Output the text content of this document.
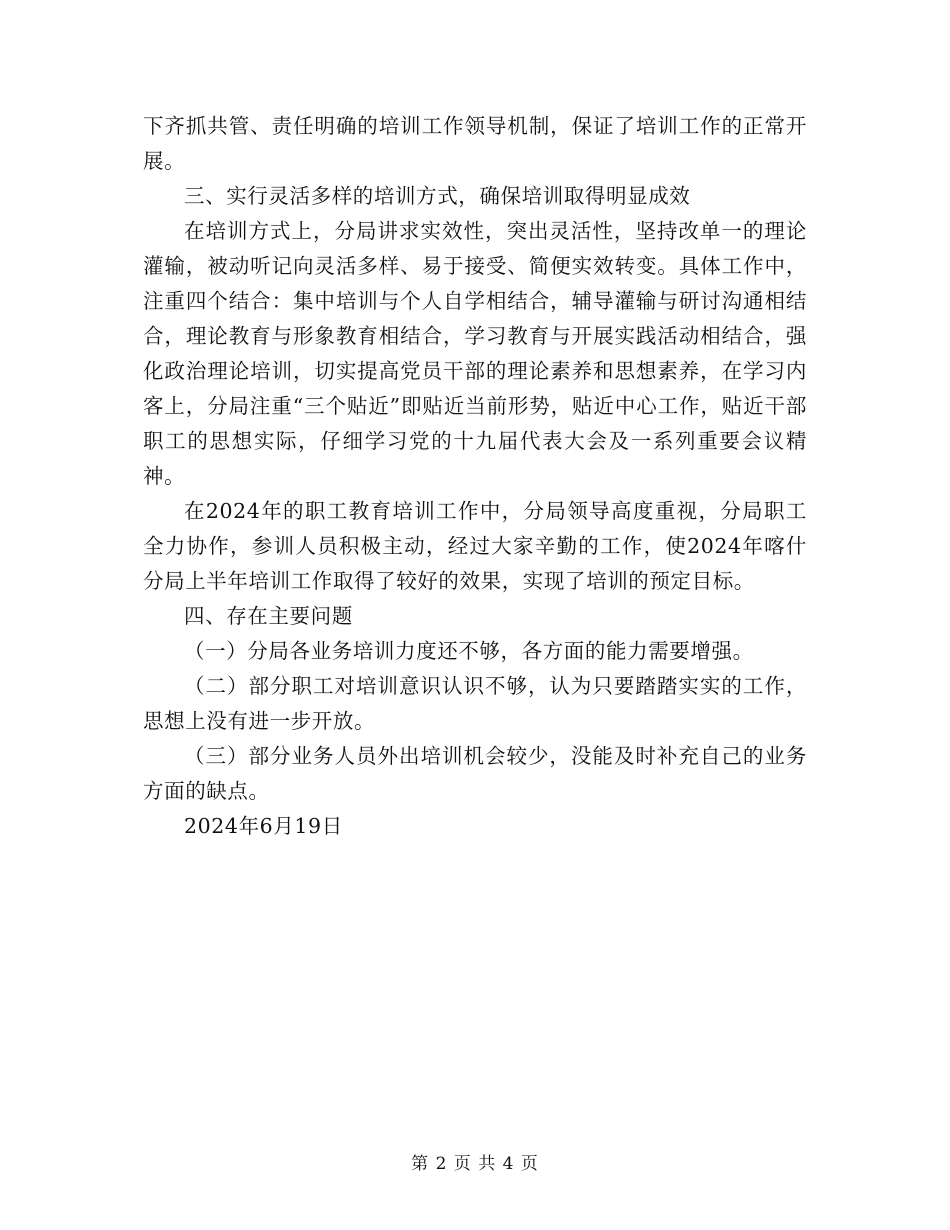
下齐抓共管、责任明确的培训工作领导机制，保证了培训工作的正常开展。

三、实行灵活多样的培训方式，确保培训取得明显成效

在培训方式上，分局讲求实效性，突出灵活性，坚持改单一的理论灌输，被动听记向灵活多样、易于接受、简便实效转变。具体工作中，注重四个结合：集中培训与个人自学相结合，辅导灌输与研讨沟通相结合，理论教育与形象教育相结合，学习教育与开展实践活动相结合，强化政治理论培训，切实提高党员干部的理论素养和思想素养，在学习内客上，分局注重“三个贴近”即贴近当前形势，贴近中心工作，贴近干部职工的思想实际，仔细学习党的十九届代表大会及一系列重要会议精神。

在2024年的职工教育培训工作中，分局领导高度重视，分局职工全力协作，参训人员积极主动，经过大家辛勤的工作，使2024年喀什分局上半年培训工作取得了较好的效果，实现了培训的预定目标。

四、存在主要问题

（一）分局各业务培训力度还不够，各方面的能力需要增强。

（二）部分职工对培训意识认识不够，认为只要踏踏实实的工作，思想上没有进一步开放。

（三）部分业务人员外出培训机会较少，没能及时补充自己的业务方面的缺点。

2024年6月19日

第 2 页 共 4 页
